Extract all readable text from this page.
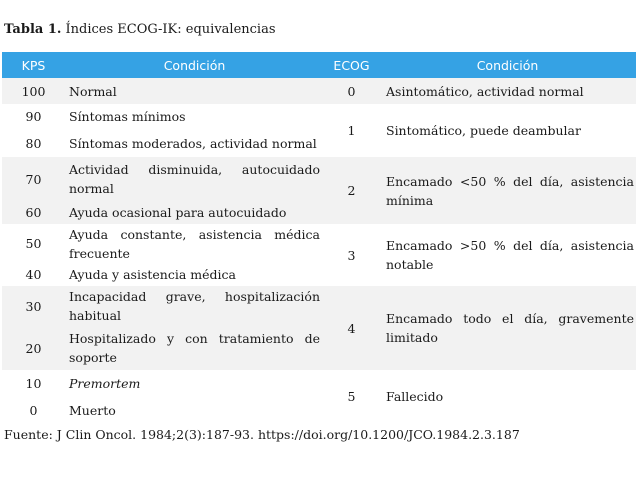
Tabla 1. Índices ECOG-IK: equivalencias
KPS	Condición	ECOG	Condición
100	Normal	0	Asintomático, actividad normal
90	Síntomas mínimos	1	Sintomático, puede deambular
80	Síntomas moderados, actividad normal		
70	Actividad disminuida, autocuidado normal	2	Encamado <50 % del día, asistencia mínima
60	Ayuda ocasional para autocuidado		
50	Ayuda constante, asistencia médica frecuente	3	Encamado >50 % del día, asistencia notable
40	Ayuda y asistencia médica		
30	Incapacidad grave, hospitalización habitual	4	Encamado todo el día, gravemente limitado
20	Hospitalizado y con tratamiento de soporte		
10	Premortem	5	Fallecido
0	Muerto		
Fuente: J Clin Oncol. 1984;2(3):187-93. https://doi.org/10.1200/JCO.1984.2.3.187
